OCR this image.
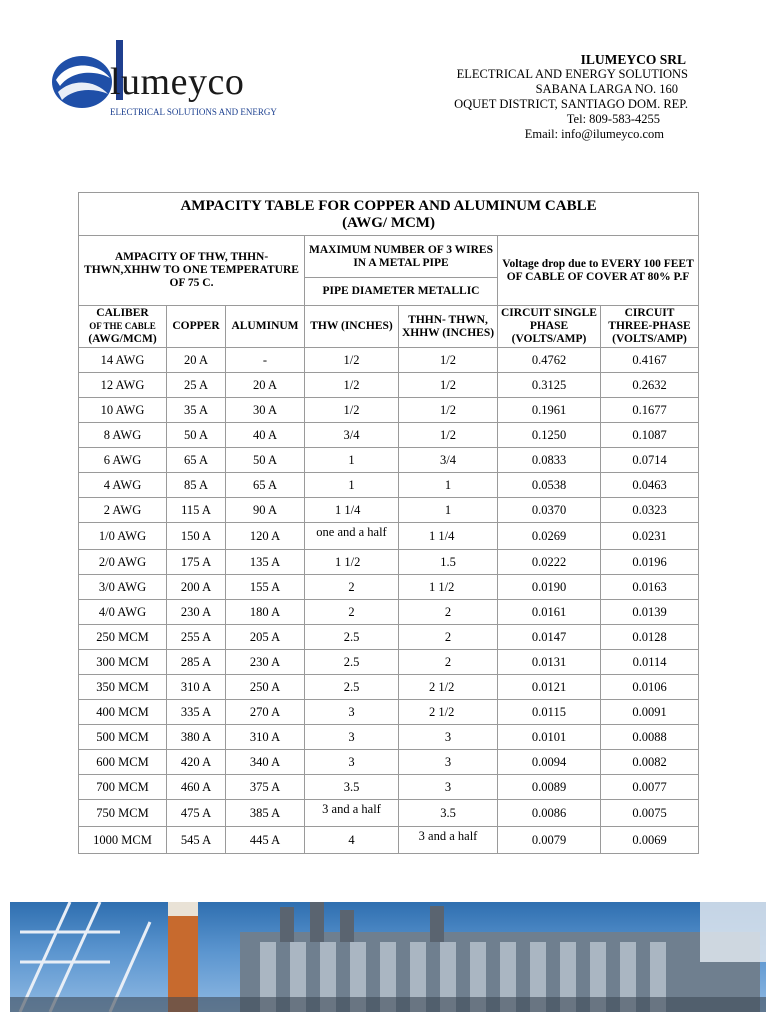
lumeyco
ELECTRICAL SOLUTIONS AND ENERGY
ILUMEYCO SRL
ELECTRICAL AND ENERGY SOLUTIONS
SABANA LARGA NO. 160
OQUET DISTRICT, SANTIAGO DOM. REP.
Tel: 809-583-4255
Email: info@ilumeyco.com
AMPACITY TABLE FOR COPPER AND ALUMINUM CABLE
(AWG/ MCM)						

AMPACITY OF THW, THHN-THWN,XHHW TO ONE TEMPERATURE OF 75 C.			MAXIMUM NUMBER OF 3 WIRES IN A METAL PIPE		Voltage drop due to EVERY 100 FEET OF CABLE OF COVER AT 80% P.F	
			PIPE DIAMETER METALLIC			

CALIBER
OF THE CABLE
(AWG/MCM)	COPPER	ALUMINUM	THW (INCHES)	THHN- THWN, XHHW (INCHES)	CIRCUIT SINGLE PHASE (VOLTS/AMP)	CIRCUIT THREE-PHASE (VOLTS/AMP)
14 AWG	20 A	-	1/2	1/2	0.4762	0.4167
12 AWG	25 A	20 A	1/2	1/2	0.3125	0.2632
10 AWG	35 A	30 A	1/2	1/2	0.1961	0.1677
8 AWG	50 A	40 A	3/4	1/2	0.1250	0.1087
6 AWG	65 A	50 A	1	3/4	0.0833	0.0714
4 AWG	85 A	65 A	1	1	0.0538	0.0463
2 AWG	115 A	90 A	1 1/4	1	0.0370	0.0323
1/0 AWG	150 A	120 A	one and a half	1 1/4	0.0269	0.0231
2/0 AWG	175 A	135 A	1 1/2	1.5	0.0222	0.0196
3/0 AWG	200 A	155 A	2	1 1/2	0.0190	0.0163
4/0 AWG	230 A	180 A	2	2	0.0161	0.0139
250 MCM	255 A	205 A	2.5	2	0.0147	0.0128
300 MCM	285 A	230 A	2.5	2	0.0131	0.0114
350 MCM	310 A	250 A	2.5	2 1/2	0.0121	0.0106
400 MCM	335 A	270 A	3	2 1/2	0.0115	0.0091
500 MCM	380 A	310 A	3	3	0.0101	0.0088
600 MCM	420 A	340 A	3	3	0.0094	0.0082
700 MCM	460 A	375 A	3.5	3	0.0089	0.0077
750 MCM	475 A	385 A	3 and a half	3.5	0.0086	0.0075
1000 MCM	545 A	445 A	4	3 and a half	0.0079	0.0069
